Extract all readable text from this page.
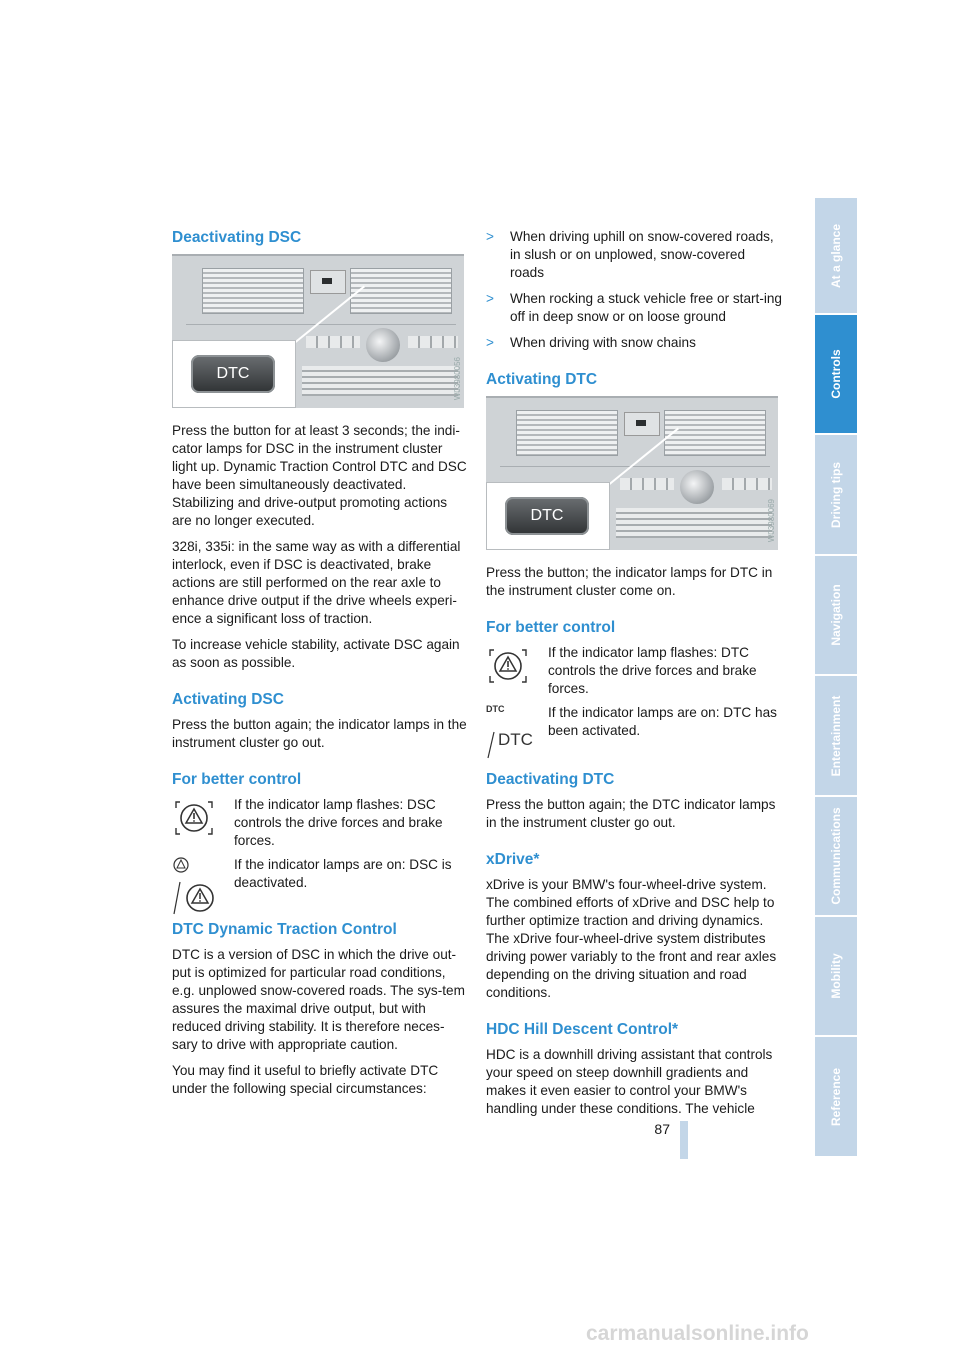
Deactivating DSC
DTC	W03980056

Press the button for at least 3 seconds; the indi-cator lamps for DSC in the instrument cluster light up. Dynamic Traction Control DTC and DSC have been simultaneously deactivated. Stabilizing and drive-output promoting actions are no longer executed.

328i, 335i: in the same way as with a differential interlock, even if DSC is deactivated, brake actions are still performed on the rear axle to enhance drive output if the drive wheels experi-ence a significant loss of traction.

To increase vehicle stability, activate DSC again as soon as possible.

Activating DSC

Press the button again; the indicator lamps in the instrument cluster go out.

For better control
If the indicator lamp flashes: DSC controls the drive forces and brake forces.
If the indicator lamps are on: DSC is deactivated.
DTC Dynamic Traction Control

DTC is a version of DSC in which the drive out-put is optimized for particular road conditions, e.g. unplowed snow-covered roads. The sys-tem assures the maximal drive output, but with reduced driving stability. It is therefore neces-sary to drive with appropriate caution.

You may find it useful to briefly activate DTC under the following special circumstances:

>	When driving uphill on snow-covered roads, in slush or on unplowed, snow-covered roads
>	When rocking a stuck vehicle free or start-ing off in deep snow or on loose ground
>	When driving with snow chains
Activating DTC
DTC	W03980069

Press the button; the indicator lamps for DTC in the instrument cluster come on.

For better control
If the indicator lamp flashes: DTC controls the drive forces and brake forces.
DTC
DTC
If the indicator lamps are on: DTC has been activated.
Deactivating DTC

Press the button again; the DTC indicator lamps in the instrument cluster go out.

xDrive*

xDrive is your BMW's four-wheel-drive system. The combined efforts of xDrive and DSC help to further optimize traction and driving dynamics. The xDrive four-wheel-drive system distributes driving power variably to the front and rear axles depending on the driving situation and road conditions.

HDC Hill Descent Control*

HDC is a downhill driving assistant that controls your speed on steep downhill gradients and makes it even easier to control your BMW's handling under these conditions. The vehicle

At a glance
Controls
Driving tips
Navigation
Entertainment
Communications
Mobility
Reference
87
carmanualsonline.info
